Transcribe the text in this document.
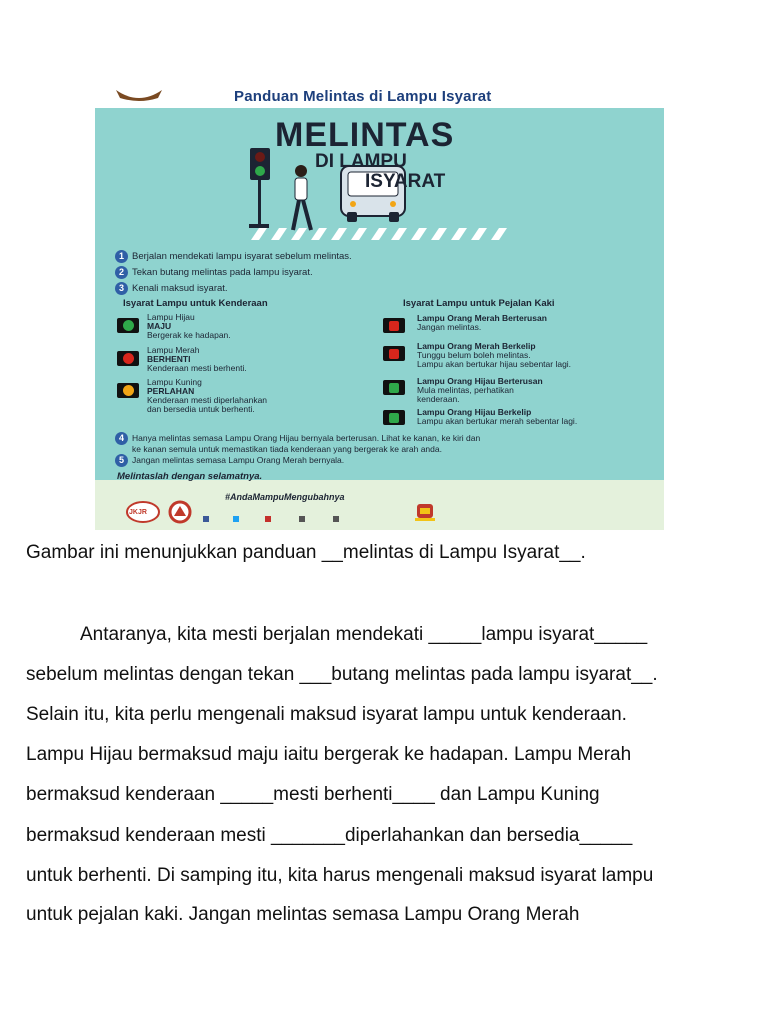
Panduan Melintas di Lampu Isyarat
MELINTAS
DI LAMPU
ISYARAT
1 Berjalan mendekati lampu isyarat sebelum melintas.
2 Tekan butang melintas pada lampu isyarat.
3 Kenali maksud isyarat.
Isyarat Lampu untuk Kenderaan	Isyarat Lampu untuk Pejalan Kaki
Lampu Hijau
MAJU
Bergerak ke hadapan.
Lampu Merah
BERHENTI
Kenderaan mesti berhenti.
Lampu Kuning
PERLAHAN
Kenderaan mesti diperlahankan
dan bersedia untuk berhenti.
Lampu Orang Merah Berterusan
Jangan melintas.
Lampu Orang Merah Berkelip
Tunggu belum boleh melintas.
Lampu akan bertukar hijau sebentar lagi.
Lampu Orang Hijau Berterusan
Mula melintas, perhatikan
kenderaan.
Lampu Orang Hijau Berkelip
Lampu akan bertukar merah sebentar lagi.
4 Hanya melintas semasa Lampu Orang Hijau bernyala berterusan. Lihat ke kanan, ke kiri dan
ke kanan semula untuk memastikan tiada kenderaan yang bergerak ke arah anda.
5 Jangan melintas semasa Lampu Orang Merah bernyala.
Melintaslah dengan selamatnya.
#AndaMampuMengubahnya
JKJR
Gambar ini menunjukkan panduan __melintas di Lampu Isyarat__.
Antaranya, kita mesti berjalan mendekati _____lampu isyarat_____
sebelum melintas dengan tekan ___butang melintas pada lampu isyarat__.
Selain itu, kita perlu mengenali maksud isyarat lampu untuk kenderaan.
Lampu Hijau bermaksud maju iaitu bergerak ke hadapan. Lampu Merah
bermaksud kenderaan _____mesti berhenti____ dan Lampu Kuning
bermaksud kenderaan mesti _______diperlahankan dan bersedia_____
untuk berhenti. Di samping itu, kita harus mengenali maksud isyarat lampu
untuk pejalan kaki. Jangan melintas semasa Lampu Orang Merah
